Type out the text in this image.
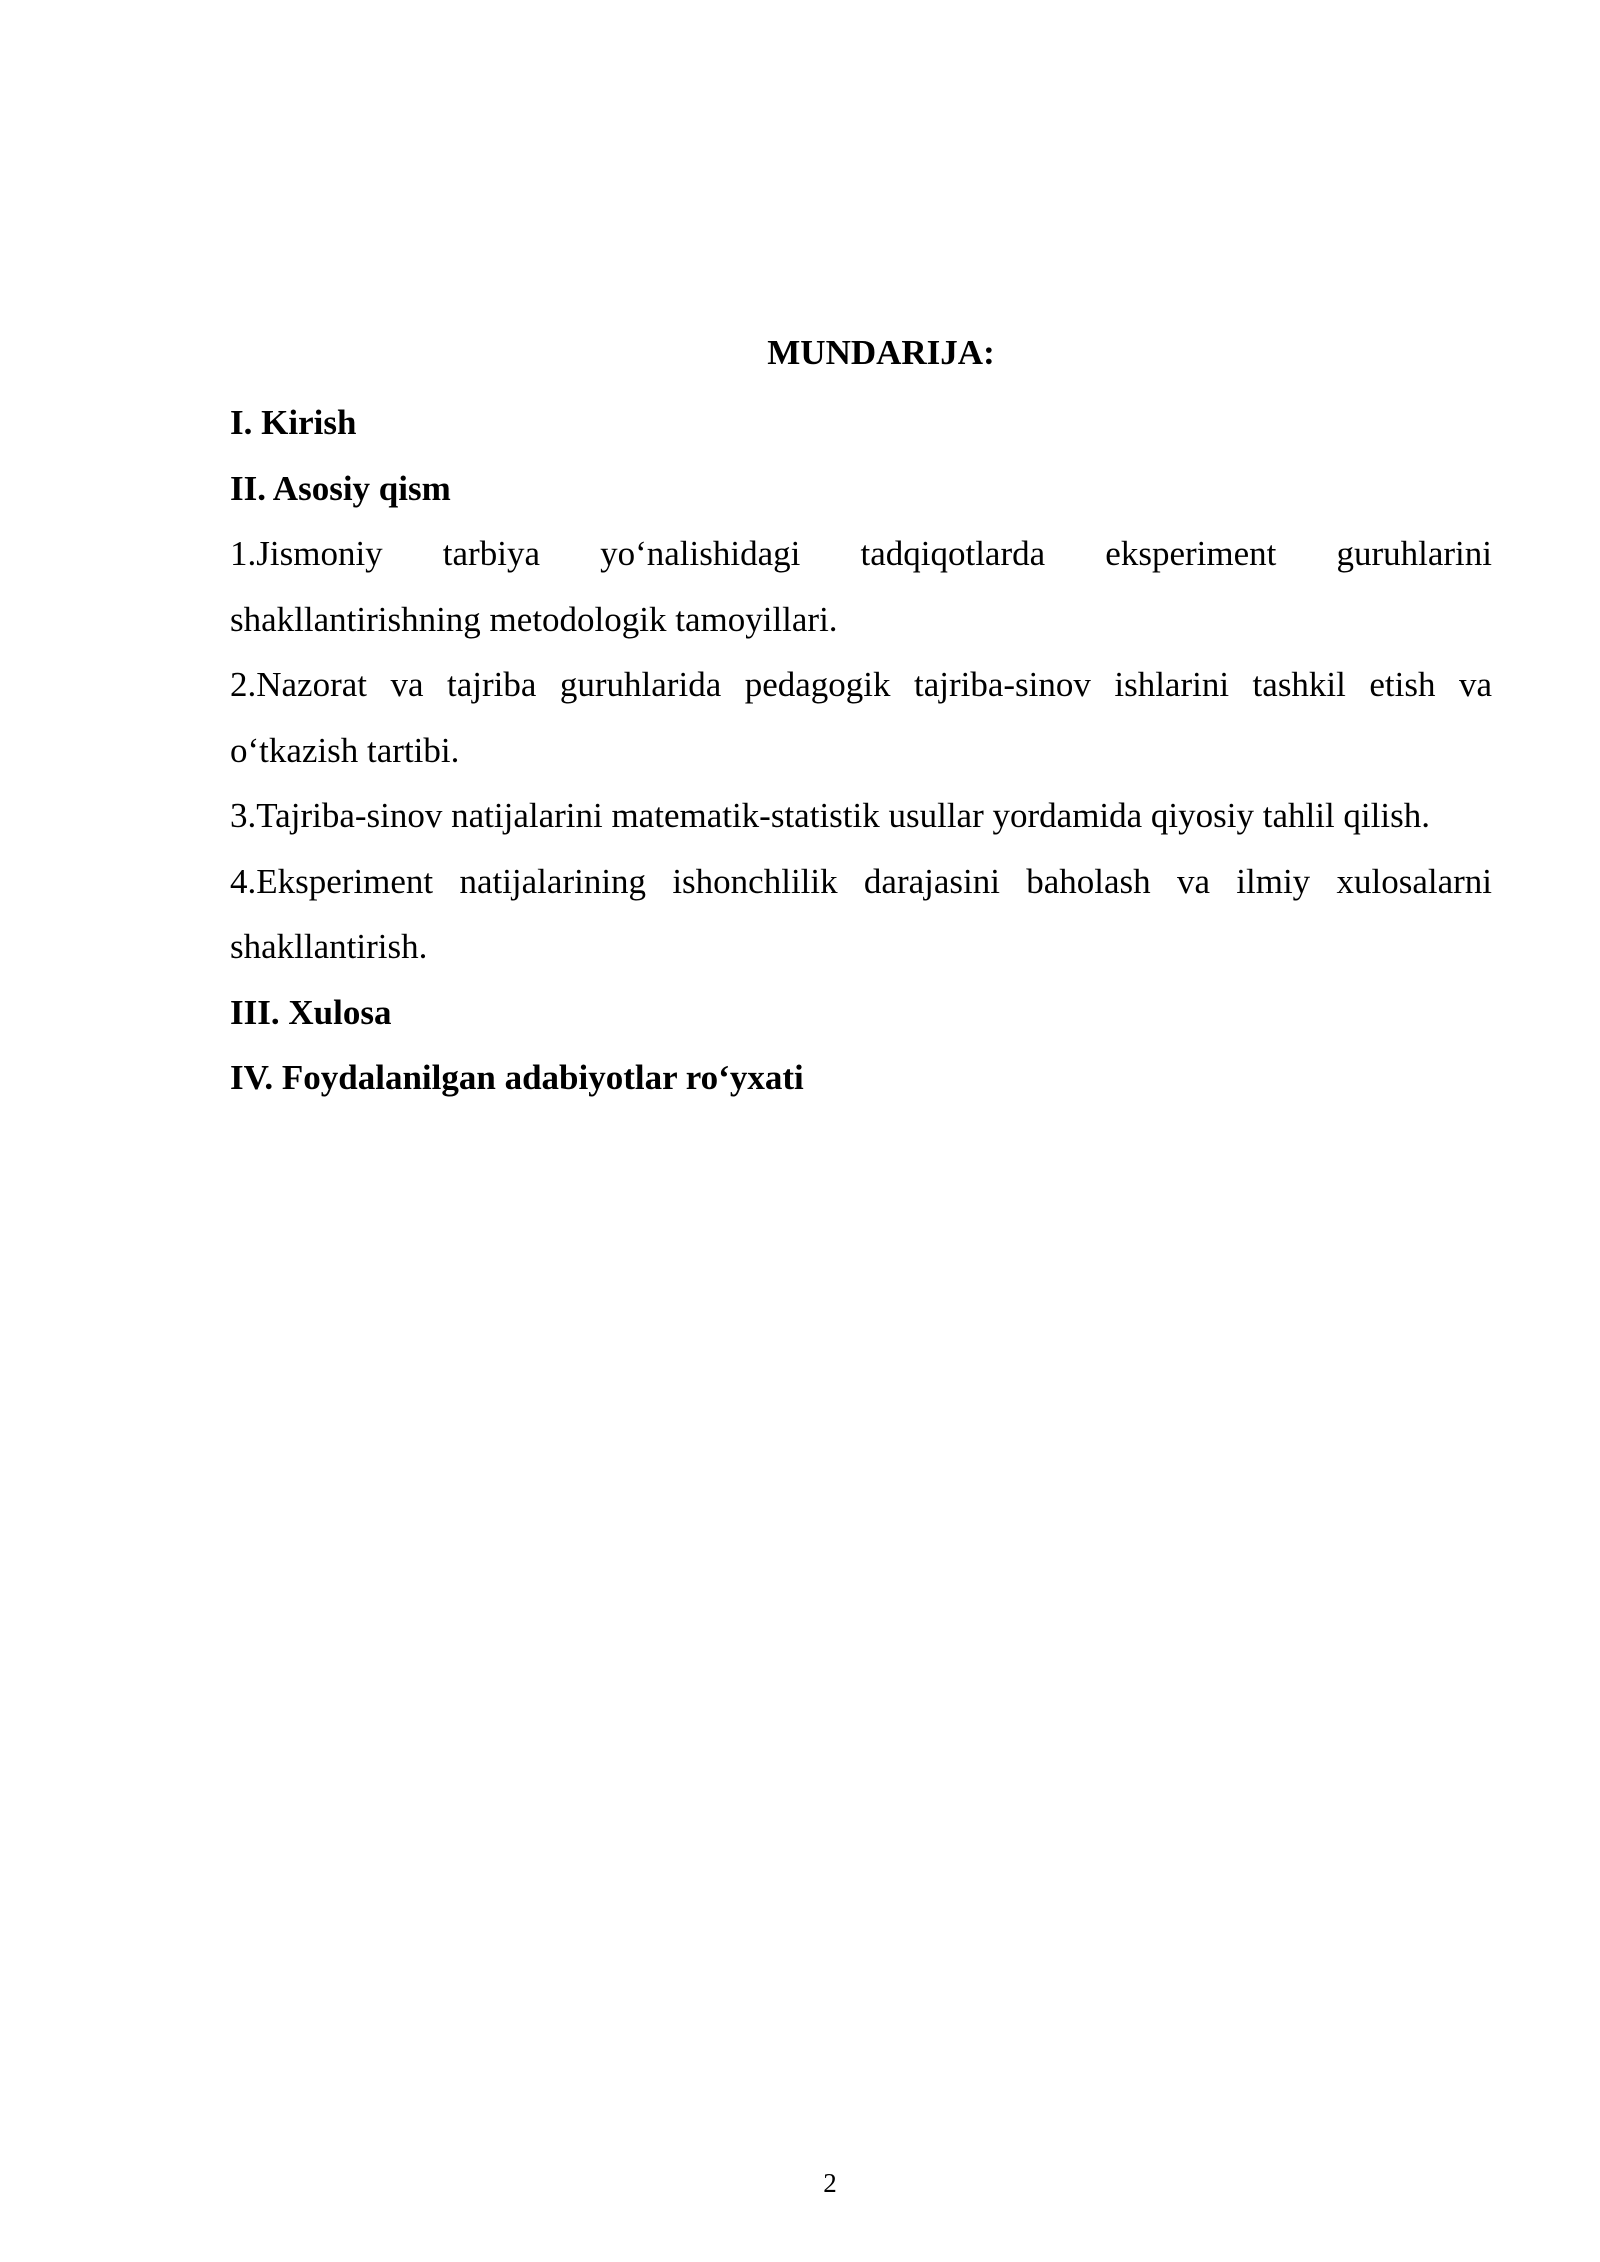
MUNDARIJA:

I. Kirish

II. Asosiy qism

1.Jismoniy tarbiya yo‘nalishidagi tadqiqotlarda eksperiment guruhlarini shakllantirishning metodologik tamoyillari.

2.Nazorat va tajriba guruhlarida pedagogik tajriba-sinov ishlarini tashkil etish va o‘tkazish tartibi.

3.Tajriba-sinov natijalarini matematik-statistik usullar yordamida qiyosiy tahlil qilish.

4.Eksperiment natijalarining ishonchlilik darajasini baholash va ilmiy xulosalarni shakllantirish.

III. Xulosa

IV. Foydalanilgan adabiyotlar ro‘yxati

2
